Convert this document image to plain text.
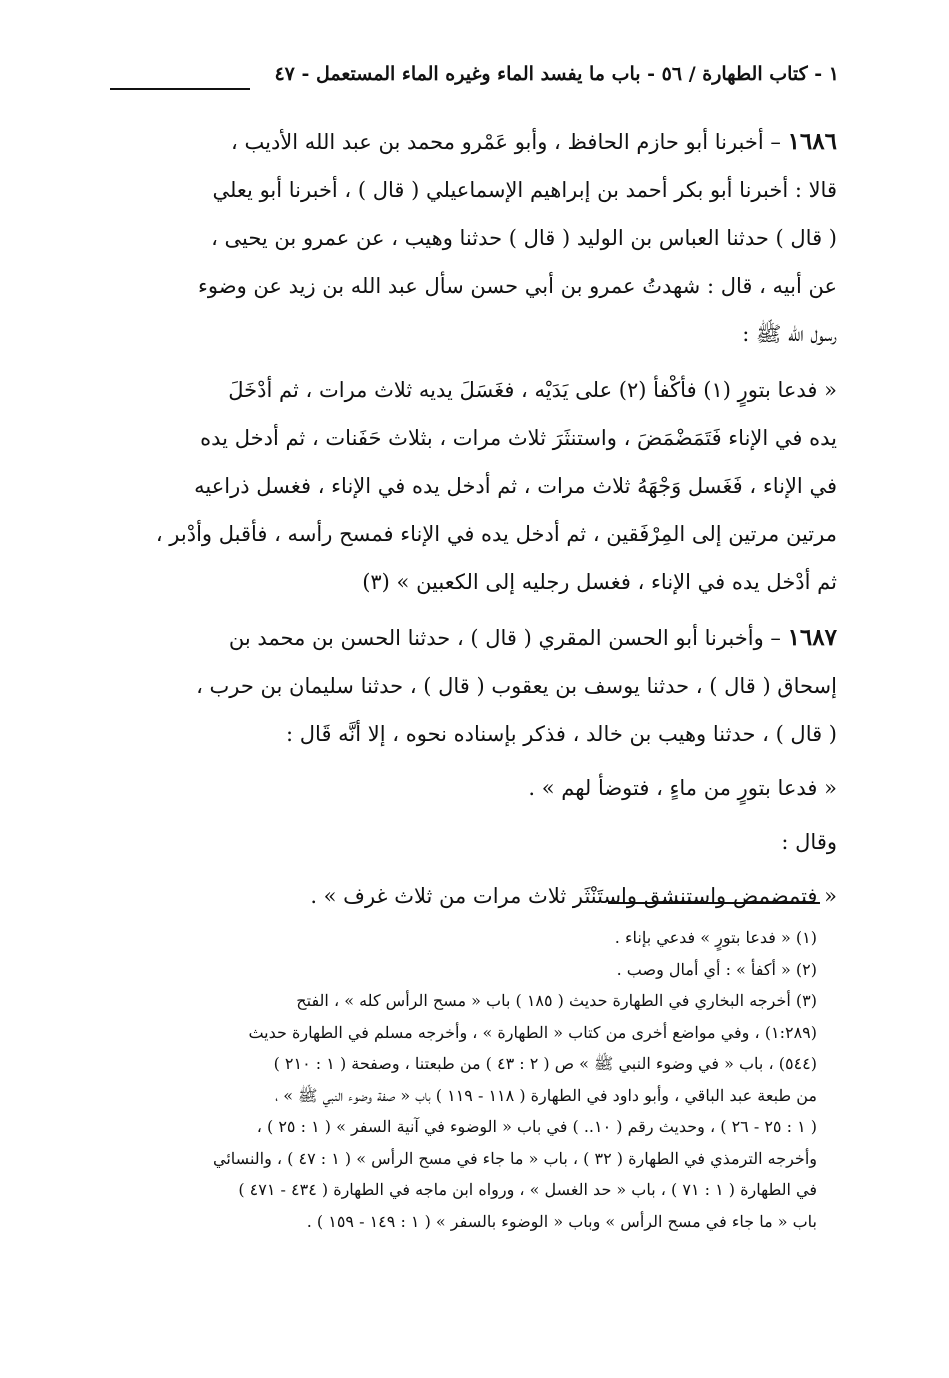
١ - كتاب الطهارة / ٥٦ - باب ما يفسد الماء وغيره الماء المستعمل - ٤٧
١٦٨٦ – أخبرنا أبو حازم الحافظ ، وأبو عَمْرو محمد بن عبد الله الأديب ،
قالا : أخبرنا أبو بكر أحمد بن إبراهيم الإسماعيلي ( قال ) ، أخبرنا أبو يعلي
( قال ) حدثنا العباس بن الوليد ( قال ) حدثنا وهيب ، عن عمرو بن يحيى ،
عن أبيه ، قال : شهدتُ عمرو بن أبي حسن سأل عبد الله بن زيد عن وضوء
رسول الله ﷺ :
« فدعا بتورٍ (١) فأكْفأ (٢) على يَدَيْه ، فغَسَلَ يديه ثلاث مرات ، ثم أدْخَلَ
يده في الإناء فَتَمَضْمَضَ ، واستنثَرَ ثلاث مرات ، بثلاث حَفَنات ، ثم أدخل يده
في الإناء ، فَغَسل وَجْهَهُ ثلاث مرات ، ثم أدخل يده في الإناء ، فغسل ذراعيه
مرتين مرتين إلى المِرْفَقين ، ثم أدخل يده في الإناء فمسح رأسه ، فأقبل وأدْبر ،
ثم أدْخل يده في الإناء ، فغسل رجليه إلى الكعبين » (٣)
١٦٨٧ – وأخبرنا أبو الحسن المقري ( قال ) ، حدثنا الحسن بن محمد بن
إسحاق ( قال ) ، حدثنا يوسف بن يعقوب ( قال ) ، حدثنا سليمان بن حرب ،
( قال ) ، حدثنا وهيب بن خالد ، فذكر بإسناده نحوه ، إلا أنَّه قَال :
« فدعا بتورٍ من ماءٍ ، فتوضأ لهم » .
وقال :
« فتمضمض واستنشق واستَنْثَر ثلاث مرات من ثلاث غرف » .
(١) « فدعا بتورٍ » فدعي بإناء .
(٢) « أكفأ » : أي أمال وصب .
(٣) أخرجه البخاري في الطهارة حديث ( ١٨٥ ) باب « مسح الرأس كله » ، الفتح
(١:٢٨٩) ، وفي مواضع أخرى من كتاب « الطهارة » ، وأخرجه مسلم في الطهارة حديث
(٥٤٤) ، باب « في وضوء النبي ﷺ » ص ( ٢ : ٤٣ ) من طبعتنا ، وصفحة ( ١ : ٢١٠ )
من طبعة عبد الباقي ، وأبو داود في الطهارة ( ١١٨ - ١١٩ ) باب « صفة وضوء النبي ﷺ » ،
( ١ : ٢٥ - ٢٦ ) ، وحديث رقم ( ١٠.. ) في باب « الوضوء في آنية السفر » ( ١ : ٢٥ ) ،
وأخرجه الترمذي في الطهارة ( ٣٢ ) ، باب « ما جاء في مسح الرأس » ( ١ : ٤٧ ) ، والنسائي
في الطهارة ( ١ : ٧١ ) ، باب « حد الغسل » ، ورواه ابن ماجه في الطهارة ( ٤٣٤ - ٤٧١ )
باب « ما جاء في مسح الرأس » وباب « الوضوء بالسفر » ( ١ : ١٤٩ - ١٥٩ ) .
